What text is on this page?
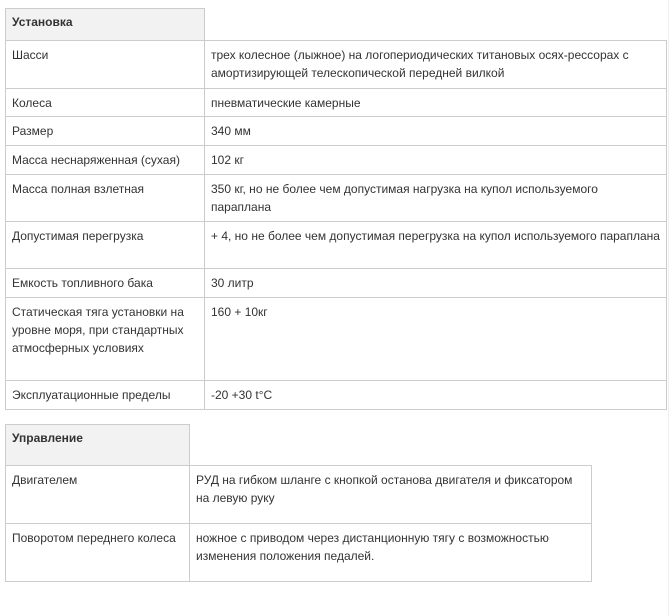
Установка	
Шасси	трех колесное (лыжное) на логопериодических титановых осях-рессорах с амортизирующей телескопической передней вилкой
Колеса	пневматические камерные
Размер	340 мм
Масса неснаряженная (сухая)	102 кг
Масса полная взлетная	350 кг, но не более чем допустимая нагрузка на купол используемого параплана
Допустимая перегрузка	+ 4, но не более чем допустимая перегрузка на купол используемого параплана
Емкость топливного бака	30 литр
Статическая тяга установки на уровне моря, при стандартных атмосферных условиях	160 + 10кг
Эксплуатационные пределы	-20 +30 t°C
Управление	
Двигателем	РУД на гибком шланге с кнопкой останова двигателя и фиксатором на левую руку
Поворотом переднего колеса	ножное с приводом через дистанционную тягу с возможностью изменения положения педалей.
